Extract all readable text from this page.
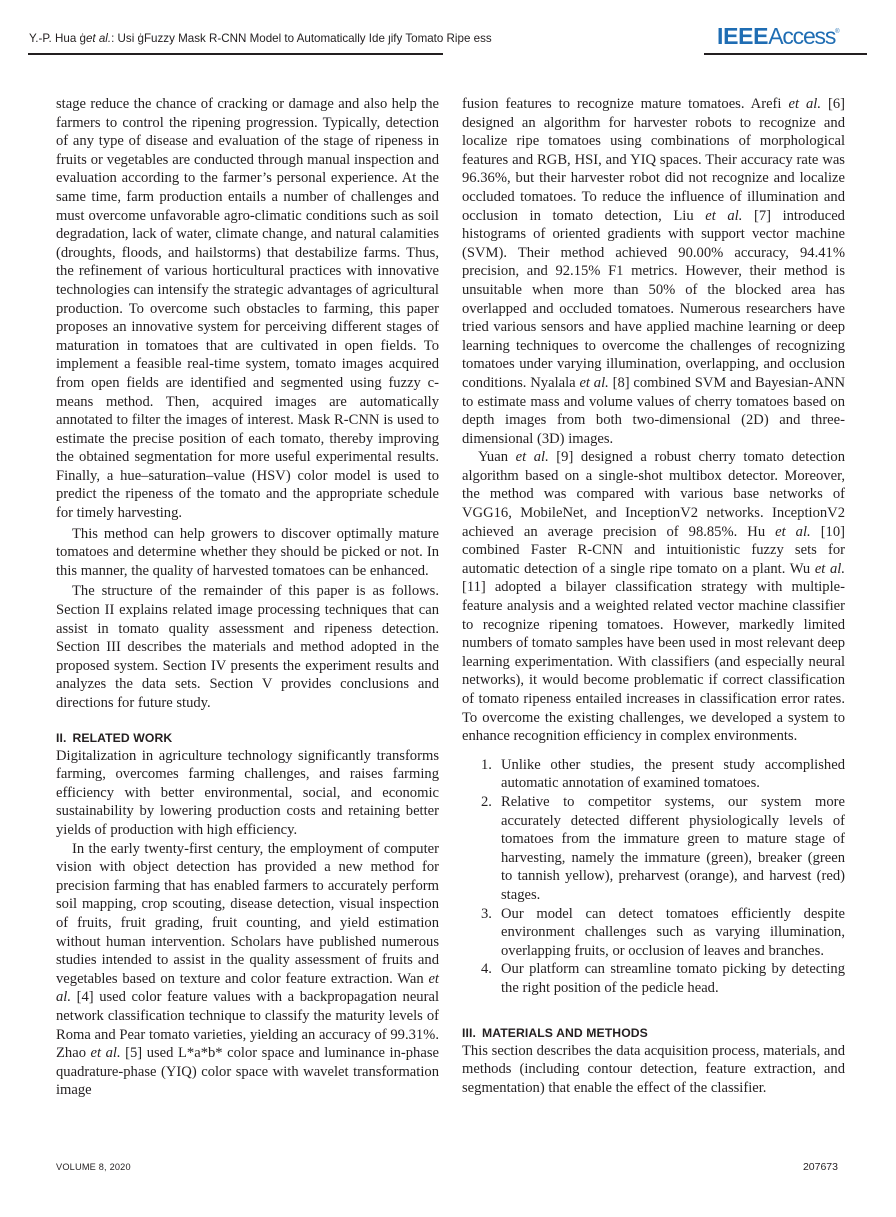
Y.-P. Hua ġet al.: Usi ġFuzzy Mask R-CNN Model to Automatically Ide ȷify Tomato Ripe ess	IEEEAccess®

stage reduce the chance of cracking or damage and also help the farmers to control the ripening progression. Typically, detection of any type of disease and evaluation of the stage of ripeness in fruits or vegetables are conducted through manual inspection and evaluation according to the farmer’s personal experience. At the same time, farm production entails a number of challenges and must overcome unfavorable agro-climatic conditions such as soil degradation, lack of water, climate change, and natural calamities (droughts, floods, and hailstorms) that destabilize farms. Thus, the refinement of various horticultural practices with innovative technologies can intensify the strategic advantages of agricultural production. To overcome such obstacles to farming, this paper proposes an innovative system for perceiving different stages of maturation in tomatoes that are cultivated in open fields. To implement a feasible real-time system, tomato images acquired from open fields are identified and segmented using fuzzy c-means method. Then, acquired images are automatically annotated to filter the images of interest. Mask R-CNN is used to estimate the precise position of each tomato, thereby improving the obtained segmentation for more useful experimental results. Finally, a hue–saturation–value (HSV) color model is used to predict the ripeness of the tomato and the appropriate schedule for timely harvesting.

This method can help growers to discover optimally mature tomatoes and determine whether they should be picked or not. In this manner, the quality of harvested tomatoes can be enhanced.

The structure of the remainder of this paper is as follows. Section II explains related image processing techniques that can assist in tomato quality assessment and ripeness detection. Section III describes the materials and method adopted in the proposed system. Section IV presents the experiment results and analyzes the data sets. Section V provides conclusions and directions for future study.

II. RELATED WORK

Digitalization in agriculture technology significantly transforms farming, overcomes farming challenges, and raises farming efficiency with better environmental, social, and economic sustainability by lowering production costs and retaining better yields of production with high efficiency.

In the early twenty-first century, the employment of computer vision with object detection has provided a new method for precision farming that has enabled farmers to accurately perform soil mapping, crop scouting, disease detection, visual inspection of fruits, fruit grading, fruit counting, and yield estimation without human intervention. Scholars have published numerous studies intended to assist in the quality assessment of fruits and vegetables based on texture and color feature extraction. Wan et al. [4] used color feature values with a backpropagation neural network classification technique to classify the maturity levels of Roma and Pear tomato varieties, yielding an accuracy of 99.31%. Zhao et al. [5] used L*a*b* color space and luminance in-phase quadrature-phase (YIQ) color space with wavelet transformation image

fusion features to recognize mature tomatoes. Arefi et al. [6] designed an algorithm for harvester robots to recognize and localize ripe tomatoes using combinations of morphological features and RGB, HSI, and YIQ spaces. Their accuracy rate was 96.36%, but their harvester robot did not recognize and localize occluded tomatoes. To reduce the influence of illumination and occlusion in tomato detection, Liu et al. [7] introduced histograms of oriented gradients with support vector machine (SVM). Their method achieved 90.00% accuracy, 94.41% precision, and 92.15% F1 metrics. However, their method is unsuitable when more than 50% of the blocked area has overlapped and occluded tomatoes. Numerous researchers have tried various sensors and have applied machine learning or deep learning techniques to overcome the challenges of recognizing tomatoes under varying illumination, overlapping, and occlusion conditions. Nyalala et al. [8] combined SVM and Bayesian-ANN to estimate mass and volume values of cherry tomatoes based on depth images from both two-dimensional (2D) and three-dimensional (3D) images.

Yuan et al. [9] designed a robust cherry tomato detection algorithm based on a single-shot multibox detector. Moreover, the method was compared with various base networks of VGG16, MobileNet, and InceptionV2 networks. InceptionV2 achieved an average precision of 98.85%. Hu et al. [10] combined Faster R-CNN and intuitionistic fuzzy sets for automatic detection of a single ripe tomato on a plant. Wu et al. [11] adopted a bilayer classification strategy with multiple-feature analysis and a weighted related vector machine classifier to recognize ripening tomatoes. However, markedly limited numbers of tomato samples have been used in most relevant deep learning experimentation. With classifiers (and especially neural networks), it would become problematic if correct classification of tomato ripeness entailed increases in classification error rates. To overcome the existing challenges, we developed a system to enhance recognition efficiency in complex environments.

1. Unlike other studies, the present study accomplished automatic annotation of examined tomatoes.
2. Relative to competitor systems, our system more accurately detected different physiologically levels of tomatoes from the immature green to mature stage of harvesting, namely the immature (green), breaker (green to tannish yellow), preharvest (orange), and harvest (red) stages.
3. Our model can detect tomatoes efficiently despite environment challenges such as varying illumination, overlapping fruits, or occlusion of leaves and branches.
4. Our platform can streamline tomato picking by detecting the right position of the pedicle head.
III. MATERIALS AND METHODS

This section describes the data acquisition process, materials, and methods (including contour detection, feature extraction, and segmentation) that enable the effect of the classifier.

VOLUME 8, 2020	207673
